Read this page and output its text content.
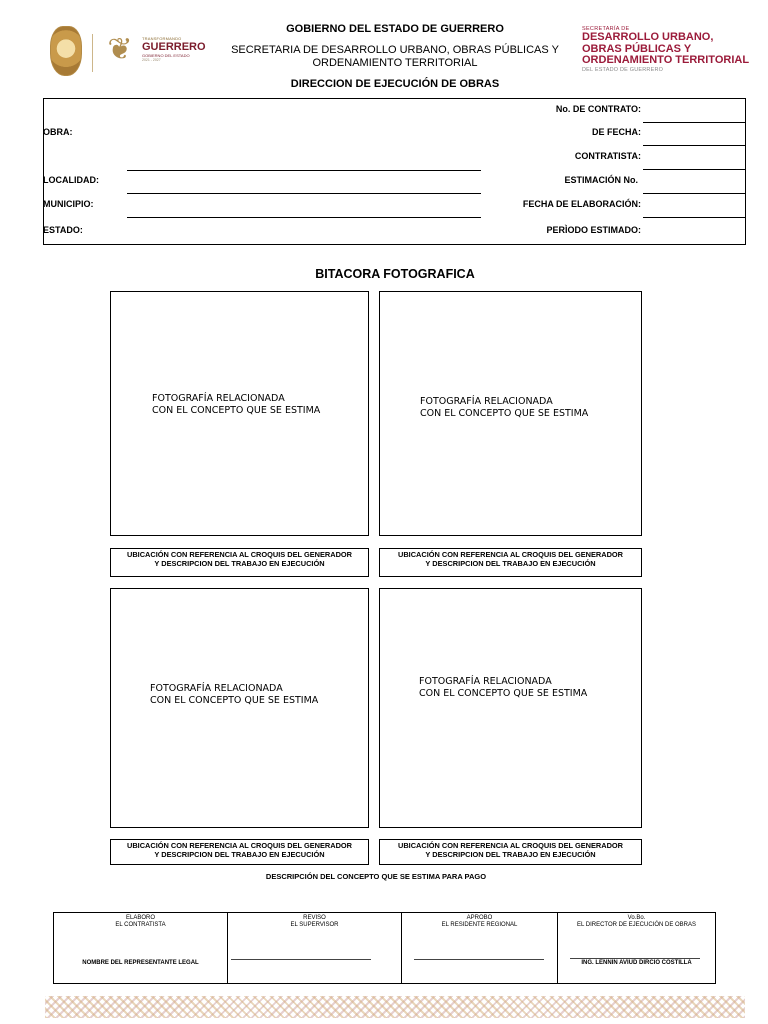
❦	TRANSFORMANDO
GUERRERO
GOBIERNO DEL ESTADO
2021 - 2027
GOBIERNO DEL ESTADO DE GUERRERO
SECRETARIA DE DESARROLLO URBANO, OBRAS PÚBLICAS Y ORDENAMIENTO TERRITORIAL
DIRECCION DE EJECUCIÓN DE OBRAS
SECRETARÍA DE
DESARROLLO URBANO,
OBRAS PÚBLICAS Y
ORDENAMIENTO TERRITORIAL
DEL ESTADO DE GUERRERO
OBRA:
LOCALIDAD:
MUNICIPIO:
ESTADO:
No. DE CONTRATO:
DE FECHA:
CONTRATISTA:
ESTIMACIÓN No.
FECHA DE ELABORACIÓN:
PERÌODO ESTIMADO:
BITACORA FOTOGRAFICA
FOTOGRAFÍA RELACIONADA
CON EL CONCEPTO QUE SE ESTIMA
FOTOGRAFÍA RELACIONADA
CON EL CONCEPTO QUE SE ESTIMA
UBICACIÓN CON REFERENCIA AL CROQUIS DEL GENERADOR
Y DESCRIPCION DEL TRABAJO EN EJECUCIÓN
UBICACIÓN CON REFERENCIA AL CROQUIS DEL GENERADOR
Y DESCRIPCION DEL TRABAJO EN EJECUCIÓN
FOTOGRAFÍA RELACIONADA
CON EL CONCEPTO QUE SE ESTIMA
FOTOGRAFÍA RELACIONADA
CON EL CONCEPTO QUE SE ESTIMA
UBICACIÓN CON REFERENCIA AL CROQUIS DEL GENERADOR
Y DESCRIPCION DEL TRABAJO EN EJECUCIÓN
UBICACIÓN CON REFERENCIA AL CROQUIS DEL GENERADOR
Y DESCRIPCION DEL TRABAJO EN EJECUCIÓN
DESCRIPCIÓN DEL CONCEPTO QUE SE ESTIMA PARA PAGO
ELABORO
EL CONTRATISTA
NOMBRE DEL REPRESENTANTE LEGAL
REVISO
EL SUPERVISOR
APROBO
EL RESIDENTE REGIONAL
Vo.Bo.
EL DIRECTOR DE EJECUCIÓN DE OBRAS
ING. LENNIN AVIUD DIRCIO COSTILLA
